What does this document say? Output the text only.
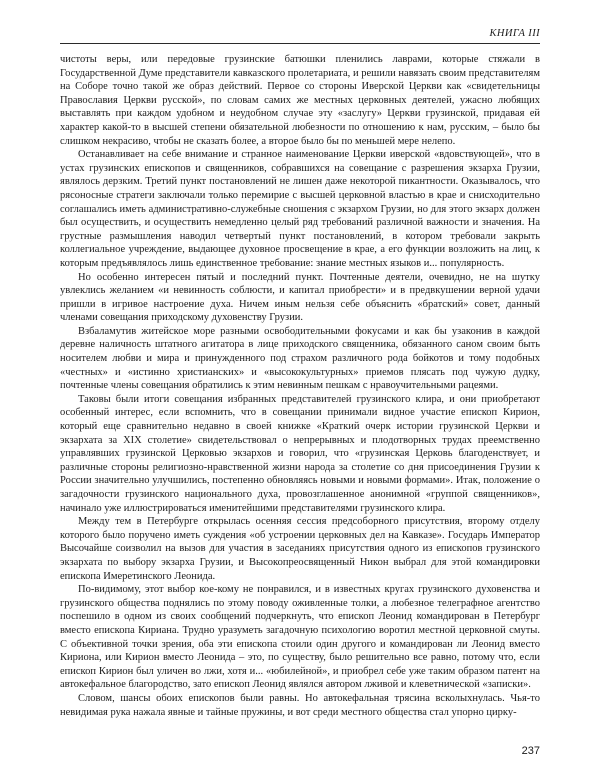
КНИГА III

чистоты веры, или передовые грузинские батюшки пленились лаврами, которые стяжали в Государственной Думе представители кавказского пролетариата, и решили навязать своим представителям на Соборе точно такой же образ действий. Первое со стороны Иверской Церкви как «свидетельницы Православия Церкви русской», по словам самих же местных церковных деятелей, ужасно любящих выставлять при каждом удобном и неудобном случае эту «заслугу» Церкви грузинской, придавая ей характер какой-то в высшей степени обязательной любезности по отношению к нам, русским, – было бы слишком некрасиво, чтобы не сказать более, а второе было бы по меньшей мере нелепо.

Останавливает на себе внимание и странное наименование Церкви иверской «вдовствующей», что в устах грузинских епископов и священников, собравшихся на совещание с разрешения экзарха Грузии, являлось дерзким. Третий пункт постановлений не лишен даже некоторой пикантности. Оказывалось, что рясоносные стратеги заключали только перемирие с высшей церковной властью в крае и снисходительно соглашались иметь административно-служебные сношения с экзархом Грузии, но для этого экзарх должен был осуществить, и осуществить немедленно целый ряд требований различной важности и значения. На грустные размышления наводил четвертый пункт постановлений, в котором требовали закрыть коллегиальное учреждение, выдающее духовное просвещение в крае, а его функции возложить на лиц, к которым предъявлялось лишь единственное требование: знание местных языков и... популярность.

Но особенно интересен пятый и последний пункт. Почтенные деятели, очевидно, не на шутку увлеклись желанием «и невинность соблюсти, и капитал приобрести» и в предвкушении верной удачи пришли в игривое настроение духа. Ничем иным нельзя себе объяснить «братский» совет, данный членами совещания приходскому духовенству Грузии.

Взбаламутив житейское море разными освободительными фокусами и как бы узаконив в каждой деревне наличность штатного агитатора в лице приходского священника, обязанного саном своим быть носителем любви и мира и принужденного под страхом различного рода бойкотов и тому подобных «честных» и «истинно христианских» и «высококультурных» приемов плясать под чужую дудку, почтенные члены совещания обратились к этим невинным пешкам с нравоучительными рацеями.

Таковы были итоги совещания избранных представителей грузинского клира, и они приобретают особенный интерес, если вспомнить, что в совещании принимали видное участие епископ Кирион, который еще сравнительно недавно в своей книжке «Краткий очерк истории грузинской Церкви и экзархата за XIX столетие» свидетельствовал о непрерывных и плодотворных трудах преемственно управлявших грузинской Церковью экзархов и говорил, что «грузинская Церковь благоденствует, и различные стороны религиозно-нравственной жизни народа за столетие со дня присоединения Грузии к России значительно улучшились, постепенно обновляясь новыми и новыми формами». Итак, положение о загадочности грузинского национального духа, провозглашенное анонимной «группой священников», начинало уже иллюстрироваться именитейшими представителями грузинского клира.

Между тем в Петербурге открылась осенняя сессия предсоборного присутствия, второму отделу которого было поручено иметь суждения «об устроении церковных дел на Кавказе». Государь Император Высочайше соизволил на вызов для участия в заседаниях присутствия одного из епископов грузинского экзархата по выбору экзарха Грузии, и Высокопреосвященный Никон выбрал для этой командировки епископа Имеретинского Леонида.

По-видимому, этот выбор кое-кому не понравился, и в известных кругах грузинского духовенства и грузинского общества поднялись по этому поводу оживленные толки, а любезное телеграфное агентство поспешило в одном из своих сообщений подчеркнуть, что епископ Леонид командирован в Петербург вместо епископа Кириана. Трудно уразуметь загадочную психологию воротил местной церковной смуты. С объективной точки зрения, оба эти епископа стоили один другого и командирован ли Леонид вместо Кириона, или Кирион вместо Леонида – это, по существу, было решительно все равно, потому что, если епископ Кирион был уличен во лжи, хотя и... «юбилейной», и приобрел себе уже таким образом патент на автокефальное благородство, зато епископ Леонид являлся автором лживой и клеветнической «записки».

Словом, шансы обоих епископов были равны. Но автокефальная трясина всколыхнулась. Чья-то невидимая рука нажала явные и тайные пружины, и вот среди местного общества стал упорно цирку-

237
